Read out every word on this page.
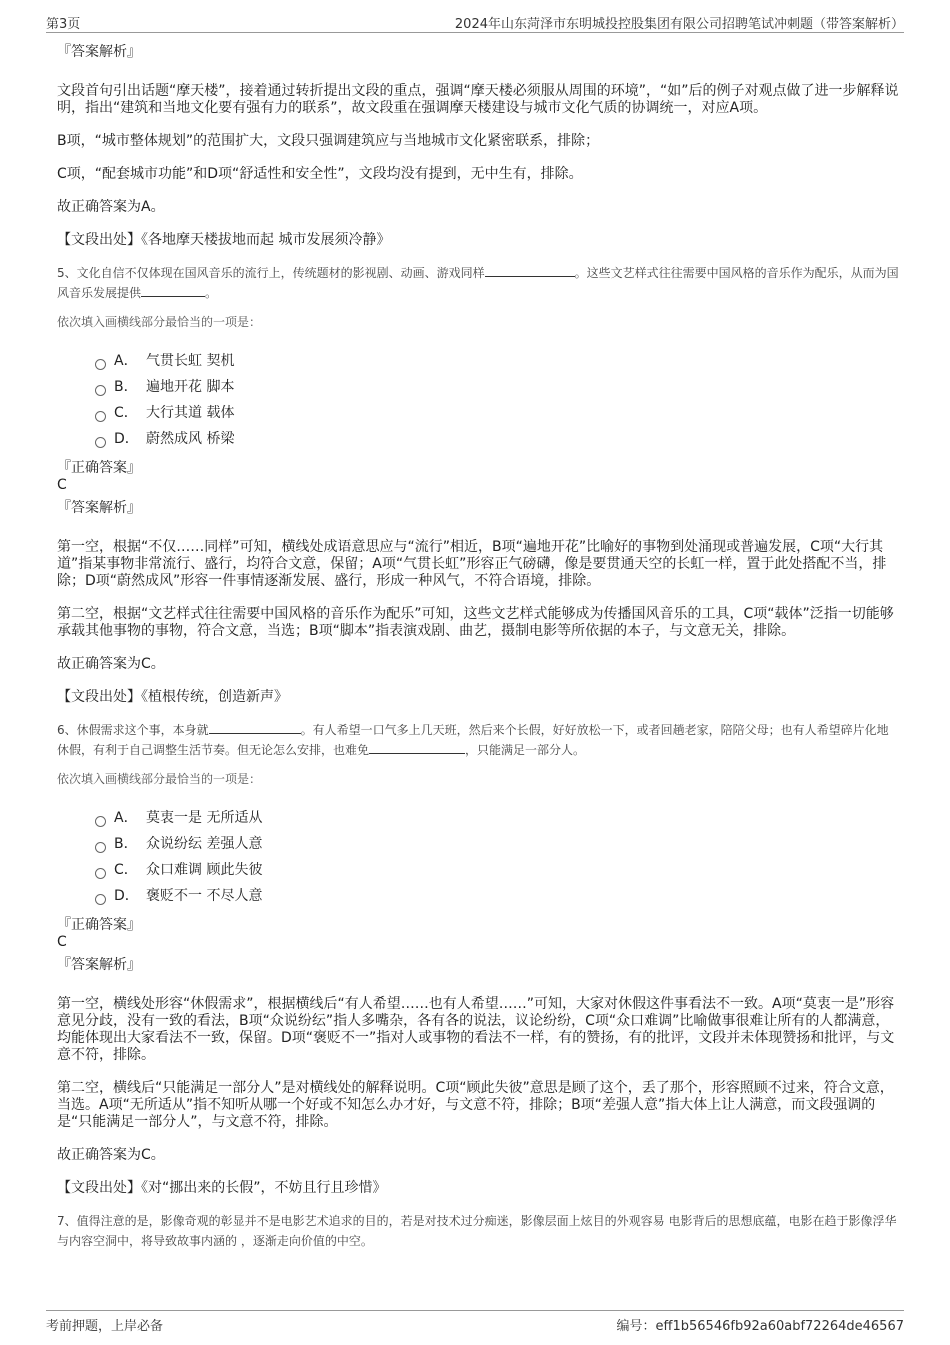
第3页	2024年山东菏泽市东明城投控股集团有限公司招聘笔试冲刺题（带答案解析）

『答案解析』

文段首句引出话题“摩天楼”，接着通过转折提出文段的重点，强调“摩天楼必须服从周围的环境”，“如”后的例子对观点做了进一步解释说明，指出“建筑和当地文化要有强有力的联系”，故文段重在强调摩天楼建设与城市文化气质的协调统一，对应A项。

B项，“城市整体规划”的范围扩大，文段只强调建筑应与当地城市文化紧密联系，排除；

C项，“配套城市功能”和D项“舒适性和安全性”，文段均没有提到，无中生有，排除。

故正确答案为A。

【文段出处】《各地摩天楼拔地而起 城市发展须冷静》

5、文化自信不仅体现在国风音乐的流行上，传统题材的影视剧、动画、游戏同样	。这些文艺样式往往需要中国风格的音乐作为配乐，从而为国风音乐发展提供	。

依次填入画横线部分最恰当的一项是：

A． 气贯长虹 契机
B． 遍地开花 脚本
C． 大行其道 载体
D． 蔚然成风 桥梁

『正确答案』

C

『答案解析』

第一空，根据“不仅……同样”可知，横线处成语意思应与“流行”相近，B项“遍地开花”比喻好的事物到处涌现或普遍发展，C项“大行其道”指某事物非常流行、盛行，均符合文意，保留；A项“气贯长虹”形容正气磅礴，像是要贯通天空的长虹一样，置于此处搭配不当，排除；D项“蔚然成风”形容一件事情逐渐发展、盛行，形成一种风气，不符合语境，排除。

第二空，根据“文艺样式往往需要中国风格的音乐作为配乐”可知，这些文艺样式能够成为传播国风音乐的工具，C项“载体”泛指一切能够承载其他事物的事物，符合文意，当选；B项“脚本”指表演戏剧、曲艺，摄制电影等所依据的本子，与文意无关，排除。

故正确答案为C。

【文段出处】《植根传统，创造新声》

6、休假需求这个事，本身就	。有人希望一口气多上几天班，然后来个长假，好好放松一下，或者回趟老家，陪陪父母；也有人希望碎片化地休假，有利于自己调整生活节奏。但无论怎么安排，也难免	，只能满足一部分人。

依次填入画横线部分最恰当的一项是：

A． 莫衷一是 无所适从
B． 众说纷纭 差强人意
C． 众口难调 顾此失彼
D． 褒贬不一 不尽人意

『正确答案』

C

『答案解析』

第一空，横线处形容“休假需求”，根据横线后“有人希望……也有人希望……”可知，大家对休假这件事看法不一致。A项“莫衷一是”形容意见分歧，没有一致的看法，B项“众说纷纭”指人多嘴杂，各有各的说法，议论纷纷，C项“众口难调”比喻做事很难让所有的人都满意，均能体现出大家看法不一致，保留。D项“褒贬不一”指对人或事物的看法不一样，有的赞扬，有的批评，文段并未体现赞扬和批评，与文意不符，排除。

第二空，横线后“只能满足一部分人”是对横线处的解释说明。C项“顾此失彼”意思是顾了这个，丢了那个，形容照顾不过来，符合文意，当选。A项“无所适从”指不知听从哪一个好或不知怎么办才好，与文意不符，排除；B项“差强人意”指大体上让人满意，而文段强调的是“只能满足一部分人”，与文意不符，排除。

故正确答案为C。

【文段出处】《对“挪出来的长假”，不妨且行且珍惜》

7、值得注意的是，影像奇观的彰显并不是电影艺术追求的目的，若是对技术过分痴迷，影像层面上炫目的外观容易 电影背后的思想底蕴，电影在趋于影像浮华与内容空洞中，将导致故事内涵的 ，逐渐走向价值的中空。

考前押题，上岸必备	编号：eff1b56546fb92a60abf72264de46567
